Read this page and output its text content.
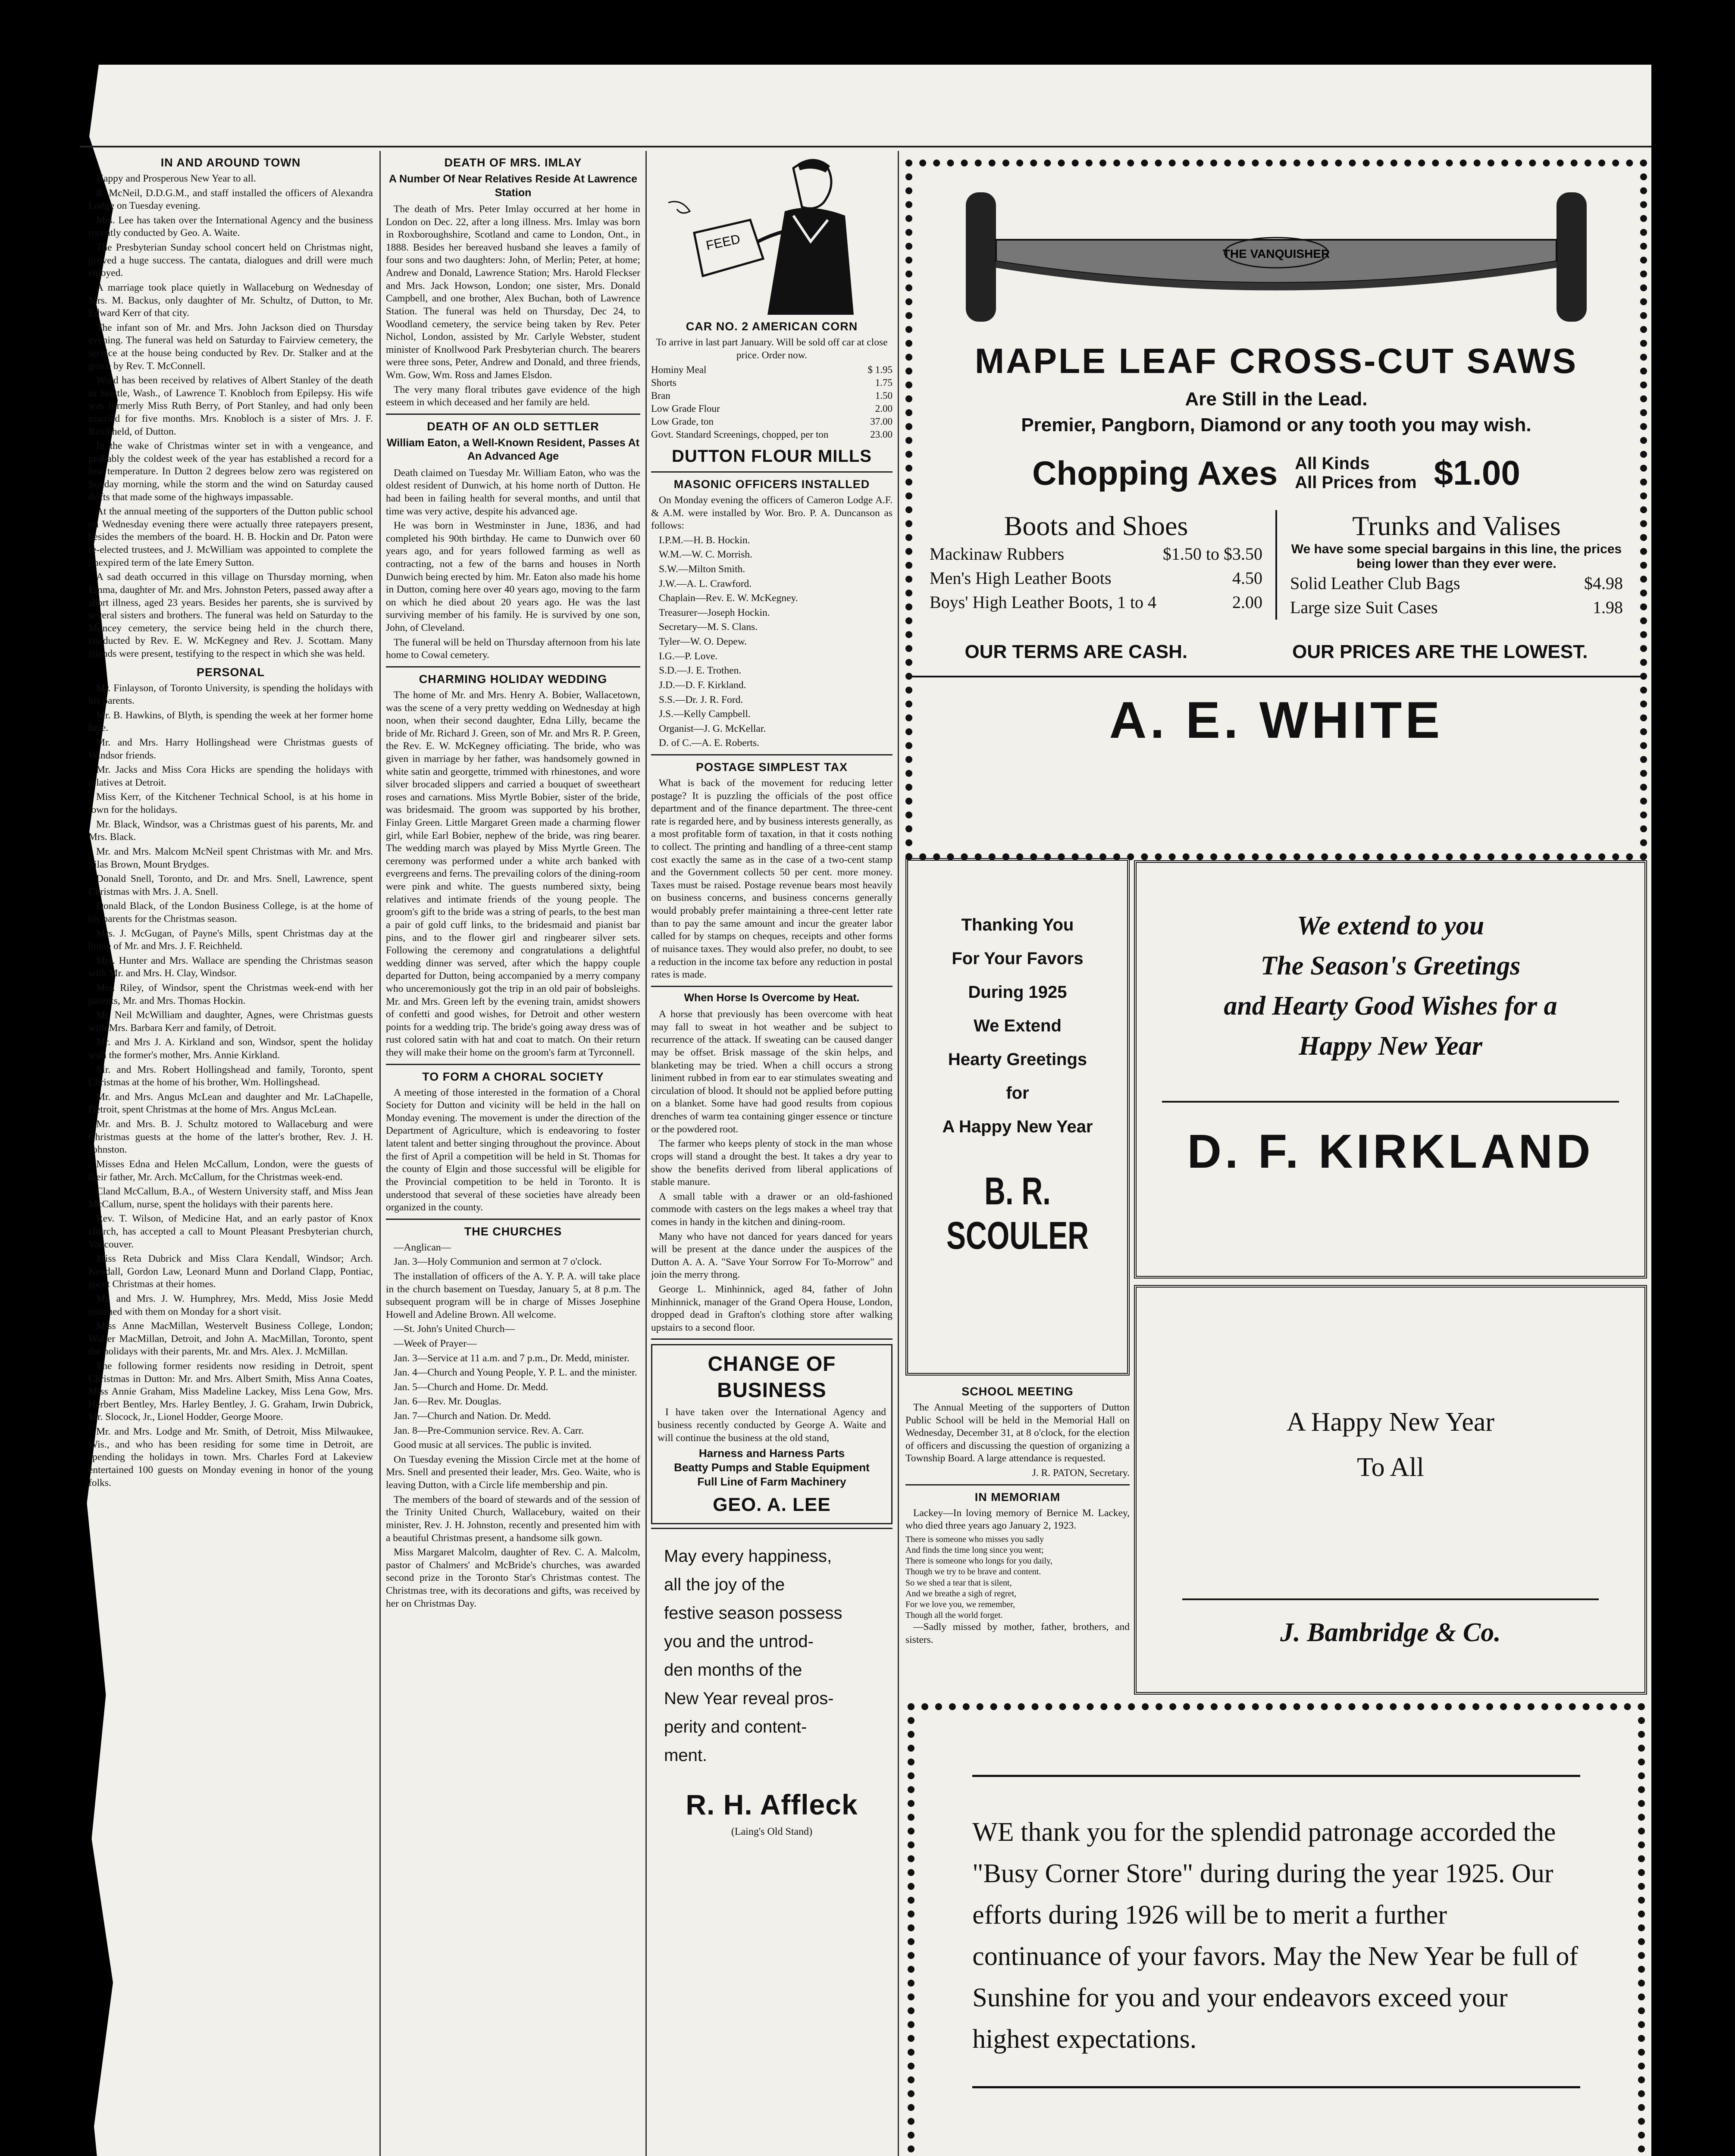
IN AND AROUND TOWN

Happy and Prosperous New Year to all.

R. McNeil, D.D.G.M., and staff installed the officers of Alexandra Lodge on Tuesday evening.

Mrs. Lee has taken over the International Agency and the business recently conducted by Geo. A. Waite.

The Presbyterian Sunday school concert held on Christmas night, proved a huge success. The cantata, dialogues and drill were much enjoyed.

A marriage took place quietly in Wallaceburg on Wednesday of Mrs. M. Backus, only daughter of Mr. Schultz, of Dutton, to Mr. Edward Kerr of that city.

The infant son of Mr. and Mrs. John Jackson died on Thursday evening. The funeral was held on Saturday to Fairview cemetery, the service at the house being conducted by Rev. Dr. Stalker and at the grave by Rev. T. McConnell.

Word has been received by relatives of Albert Stanley of the death in Seattle, Wash., of Lawrence T. Knobloch from Epilepsy. His wife was formerly Miss Ruth Berry, of Port Stanley, and had only been married for five months. Mrs. Knobloch is a sister of Mrs. J. F. Reichheld, of Dutton.

In the wake of Christmas winter set in with a vengeance, and probably the coldest week of the year has established a record for a low temperature. In Dutton 2 degrees below zero was registered on Sunday morning, while the storm and the wind on Saturday caused drifts that made some of the highways impassable.

At the annual meeting of the supporters of the Dutton public school on Wednesday evening there were actually three ratepayers present, besides the members of the board. H. B. Hockin and Dr. Paton were re-elected trustees, and J. McWilliam was appointed to complete the unexpired term of the late Emery Sutton.

A sad death occurred in this village on Thursday morning, when Emma, daughter of Mr. and Mrs. Johnston Peters, passed away after a short illness, aged 23 years. Besides her parents, she is survived by several sisters and brothers. The funeral was held on Saturday to the Muncey cemetery, the service being held in the church there, conducted by Rev. E. W. McKegney and Rev. J. Scottam. Many friends were present, testifying to the respect in which she was held.

PERSONAL

Mr. Finlayson, of Toronto University, is spending the holidays with his parents.

Mr. B. Hawkins, of Blyth, is spending the week at her former home here.

Mr. and Mrs. Harry Hollingshead were Christmas guests of Windsor friends.

Mr. Jacks and Miss Cora Hicks are spending the holidays with relatives at Detroit.

Miss Kerr, of the Kitchener Technical School, is at his home in town for the holidays.

Mr. Black, Windsor, was a Christmas guest of his parents, Mr. and Mrs. Black.

Mr. and Mrs. Malcom McNeil spent Christmas with Mr. and Mrs. Silas Brown, Mount Brydges.

Donald Snell, Toronto, and Dr. and Mrs. Snell, Lawrence, spent Christmas with Mrs. J. A. Snell.

Donald Black, of the London Business College, is at the home of his parents for the Christmas season.

Mrs. J. McGugan, of Payne's Mills, spent Christmas day at the home of Mr. and Mrs. J. F. Reichheld.

Mrs. Hunter and Mrs. Wallace are spending the Christmas season with Mr. and Mrs. H. Clay, Windsor.

Mrs. Riley, of Windsor, spent the Christmas week-end with her parents, Mr. and Mrs. Thomas Hockin.

Mr. Neil McWilliam and daughter, Agnes, were Christmas guests with Mrs. Barbara Kerr and family, of Detroit.

Mr. and Mrs J. A. Kirkland and son, Windsor, spent the holiday with the former's mother, Mrs. Annie Kirkland.

Mr. and Mrs. Robert Hollingshead and family, Toronto, spent Christmas at the home of his brother, Wm. Hollingshead.

Mr. and Mrs. Angus McLean and daughter and Mr. LaChapelle, Detroit, spent Christmas at the home of Mrs. Angus McLean.

Mr. and Mrs. B. J. Schultz motored to Wallaceburg and were Christmas guests at the home of the latter's brother, Rev. J. H. Johnston.

Misses Edna and Helen McCallum, London, were the guests of their father, Mr. Arch. McCallum, for the Christmas week-end.

Cland McCallum, B.A., of Western University staff, and Miss Jean McCallum, nurse, spent the holidays with their parents here.

Rev. T. Wilson, of Medicine Hat, and an early pastor of Knox church, has accepted a call to Mount Pleasant Presbyterian church, Vancouver.

Miss Reta Dubrick and Miss Clara Kendall, Windsor; Arch. Kendall, Gordon Law, Leonard Munn and Dorland Clapp, Pontiac, spent Christmas at their homes.

Mr. and Mrs. J. W. Humphrey, Mrs. Medd, Miss Josie Medd returned with them on Monday for a short visit.

Miss Anne MacMillan, Westervelt Business College, London; Walter MacMillan, Detroit, and John A. MacMillan, Toronto, spent the holidays with their parents, Mr. and Mrs. Alex. J. McMillan.

The following former residents now residing in Detroit, spent Christmas in Dutton: Mr. and Mrs. Albert Smith, Miss Anna Coates, Miss Annie Graham, Miss Madeline Lackey, Miss Lena Gow, Mrs. Herbert Bentley, Mrs. Harley Bentley, J. G. Graham, Irwin Dubrick, Mr. Slocock, Jr., Lionel Hodder, George Moore.

Mr. and Mrs. Lodge and Mr. Smith, of Detroit, Miss Milwaukee, Wis., and who has been residing for some time in Detroit, are spending the holidays in town. Mrs. Charles Ford at Lakeview entertained 100 guests on Monday evening in honor of the young folks.

DEATH OF MRS. IMLAY
A Number Of Near Relatives Reside At Lawrence Station

The death of Mrs. Peter Imlay occurred at her home in London on Dec. 22, after a long illness. Mrs. Imlay was born in Roxboroughshire, Scotland and came to London, Ont., in 1888. Besides her bereaved husband she leaves a family of four sons and two daughters: John, of Merlin; Peter, at home; Andrew and Donald, Lawrence Station; Mrs. Harold Fleckser and Mrs. Jack Howson, London; one sister, Mrs. Donald Campbell, and one brother, Alex Buchan, both of Lawrence Station. The funeral was held on Thursday, Dec 24, to Woodland cemetery, the service being taken by Rev. Peter Nichol, London, assisted by Mr. Carlyle Webster, student minister of Knollwood Park Presbyterian church. The bearers were three sons, Peter, Andrew and Donald, and three friends, Wm. Gow, Wm. Ross and James Elsdon.

The very many floral tributes gave evidence of the high esteem in which deceased and her family are held.

DEATH OF AN OLD SETTLER
William Eaton, a Well-Known Resident, Passes At An Advanced Age

Death claimed on Tuesday Mr. William Eaton, who was the oldest resident of Dunwich, at his home north of Dutton. He had been in failing health for several months, and until that time was very active, despite his advanced age.

He was born in Westminster in June, 1836, and had completed his 90th birthday. He came to Dunwich over 60 years ago, and for years followed farming as well as contracting, not a few of the barns and houses in North Dunwich being erected by him. Mr. Eaton also made his home in Dutton, coming here over 40 years ago, moving to the farm on which he died about 20 years ago. He was the last surviving member of his family. He is survived by one son, John, of Cleveland.

The funeral will be held on Thursday afternoon from his late home to Cowal cemetery.

CHARMING HOLIDAY WEDDING

The home of Mr. and Mrs. Henry A. Bobier, Wallacetown, was the scene of a very pretty wedding on Wednesday at high noon, when their second daughter, Edna Lilly, became the bride of Mr. Richard J. Green, son of Mr. and Mrs R. P. Green, the Rev. E. W. McKegney officiating. The bride, who was given in marriage by her father, was handsomely gowned in white satin and georgette, trimmed with rhinestones, and wore silver brocaded slippers and carried a bouquet of sweetheart roses and carnations. Miss Myrtle Bobier, sister of the bride, was bridesmaid. The groom was supported by his brother, Finlay Green. Little Margaret Green made a charming flower girl, while Earl Bobier, nephew of the bride, was ring bearer. The wedding march was played by Miss Myrtle Green. The ceremony was performed under a white arch banked with evergreens and ferns. The prevailing colors of the dining-room were pink and white. The guests numbered sixty, being relatives and intimate friends of the young people. The groom's gift to the bride was a string of pearls, to the best man a pair of gold cuff links, to the bridesmaid and pianist bar pins, and to the flower girl and ringbearer silver sets. Following the ceremony and congratulations a delightful wedding dinner was served, after which the happy couple departed for Dutton, being accompanied by a merry company who unceremoniously got the trip in an old pair of bobsleighs. Mr. and Mrs. Green left by the evening train, amidst showers of confetti and good wishes, for Detroit and other western points for a wedding trip. The bride's going away dress was of rust colored satin with hat and coat to match. On their return they will make their home on the groom's farm at Tyrconnell.

TO FORM A CHORAL SOCIETY

A meeting of those interested in the formation of a Choral Society for Dutton and vicinity will be held in the hall on Monday evening. The movement is under the direction of the Department of Agriculture, which is endeavoring to foster latent talent and better singing throughout the province. About the first of April a competition will be held in St. Thomas for the county of Elgin and those successful will be eligible for the Provincial competition to be held in Toronto. It is understood that several of these societies have already been organized in the county.

THE CHURCHES

—Anglican—

Jan. 3—Holy Communion and sermon at 7 o'clock.

The installation of officers of the A. Y. P. A. will take place in the church basement on Tuesday, January 5, at 8 p.m. The subsequent program will be in charge of Misses Josephine Howell and Adeline Brown. All welcome.

—St. John's United Church—

—Week of Prayer—

Jan. 3—Service at 11 a.m. and 7 p.m., Dr. Medd, minister.

Jan. 4—Church and Young People, Y. P. L. and the minister.

Jan. 5—Church and Home. Dr. Medd.

Jan. 6—Rev. Mr. Douglas.

Jan. 7—Church and Nation. Dr. Medd.

Jan. 8—Pre-Communion service. Rev. A. Carr.

Good music at all services. The public is invited.

On Tuesday evening the Mission Circle met at the home of Mrs. Snell and presented their leader, Mrs. Geo. Waite, who is leaving Dutton, with a Circle life membership and pin.

The members of the board of stewards and of the session of the Trinity United Church, Wallacebury, waited on their minister, Rev. J. H. Johnston, recently and presented him with a beautiful Christmas present, a handsome silk gown.

Miss Margaret Malcolm, daughter of Rev. C. A. Malcolm, pastor of Chalmers' and McBride's churches, was awarded second prize in the Toronto Star's Christmas contest. The Christmas tree, with its decorations and gifts, was received by her on Christmas Day.

FEED
CAR NO. 2 AMERICAN CORN

To arrive in last part January. Will be sold off car at close price. Order now.

Hominy Meal	$ 1.95
Shorts	1.75
Bran	1.50
Low Grade Flour	2.00
Low Grade, ton	37.00
Govt. Standard Screenings, chopped, per ton	23.00
DUTTON FLOUR MILLS
MASONIC OFFICERS INSTALLED

On Monday evening the officers of Cameron Lodge A.F. & A.M. were installed by Wor. Bro. P. A. Duncanson as follows:

I.P.M.—H. B. Hockin.

W.M.—W. C. Morrish.

S.W.—Milton Smith.

J.W.—A. L. Crawford.

Chaplain—Rev. E. W. McKegney.

Treasurer—Joseph Hockin.

Secretary—M. S. Clans.

Tyler—W. O. Depew.

I.G.—P. Love.

S.D.—J. E. Trothen.

J.D.—D. F. Kirkland.

S.S.—Dr. J. R. Ford.

J.S.—Kelly Campbell.

Organist—J. G. McKellar.

D. of C.—A. E. Roberts.

POSTAGE SIMPLEST TAX

What is back of the movement for reducing letter postage? It is puzzling the officials of the post office department and of the finance department. The three-cent rate is regarded here, and by business interests generally, as a most profitable form of taxation, in that it costs nothing to collect. The printing and handling of a three-cent stamp cost exactly the same as in the case of a two-cent stamp and the Government collects 50 per cent. more money. Taxes must be raised. Postage revenue bears most heavily on business concerns, and business concerns generally would probably prefer maintaining a three-cent letter rate than to pay the same amount and incur the greater labor called for by stamps on cheques, receipts and other forms of nuisance taxes. They would also prefer, no doubt, to see a reduction in the income tax before any reduction in postal rates is made.

When Horse Is Overcome by Heat.

A horse that previously has been overcome with heat may fall to sweat in hot weather and be subject to recurrence of the attack. If sweating can be caused danger may be offset. Brisk massage of the skin helps, and blanketing may be tried. When a chill occurs a strong liniment rubbed in from ear to ear stimulates sweating and circulation of blood. It should not be applied before putting on a blanket. Some have had good results from copious drenches of warm tea containing ginger essence or tincture or the powdered root.

The farmer who keeps plenty of stock in the man whose crops will stand a drought the best. It takes a dry year to show the benefits derived from liberal applications of stable manure.

A small table with a drawer or an old-fashioned commode with casters on the legs makes a wheel tray that comes in handy in the kitchen and dining-room.

Many who have not danced for years danced for years will be present at the dance under the auspices of the Dutton A. A. A. "Save Your Sorrow For To-Morrow" and join the merry throng.

George L. Minhinnick, aged 84, father of John Minhinnick, manager of the Grand Opera House, London, dropped dead in Grafton's clothing store after walking upstairs to a second floor.

CHANGE OF BUSINESS

I have taken over the International Agency and business recently conducted by George A. Waite and will continue the business at the old stand,

Harness and Harness Parts
Beatty Pumps and Stable Equipment
Full Line of Farm Machinery
GEO. A. LEE
May every happiness,
all the joy of the
festive season possess
you and the untrod-
den months of the
New Year reveal pros-
perity and content-
ment.
R. H. Affleck
(Laing's Old Stand)
THE VANQUISHER
MAPLE LEAF CROSS-CUT SAWS
Are Still in the Lead.
Premier, Pangborn, Diamond or any tooth you may wish.
Chopping Axes All Kinds
All Prices from $1.00
Boots and Shoes
Mackinaw Rubbers	$1.50 to $3.50
Men's High Leather Boots	4.50
Boys' High Leather Boots, 1 to 4	2.00
Trunks and Valises
We have some special bargains in this line, the prices being lower than they ever were.
Solid Leather Club Bags	$4.98
Large size Suit Cases	1.98
OUR TERMS ARE CASH.	OUR PRICES ARE THE LOWEST.
A. E. WHITE
Thanking You
For Your Favors
During 1925
We Extend
Hearty Greetings
for
A Happy New Year
B. R. SCOULER
We extend to you
The Season's Greetings
and Hearty Good Wishes for a
Happy New Year
D. F. KIRKLAND
A Happy New Year
To All
J. Bambridge & Co.
SCHOOL MEETING

The Annual Meeting of the supporters of Dutton Public School will be held in the Memorial Hall on Wednesday, December 31, at 8 o'clock, for the election of officers and discussing the question of organizing a Township Board. A large attendance is requested.

J. R. PATON, Secretary.

IN MEMORIAM

Lackey—In loving memory of Bernice M. Lackey, who died three years ago January 2, 1923.

There is someone who misses you sadly
And finds the time long since you went;
There is someone who longs for you daily,
Though we try to be brave and content.
So we shed a tear that is silent,
And we breathe a sigh of regret,
For we love you, we remember,
Though all the world forget.

—Sadly missed by mother, father, brothers, and sisters.

WE thank you for the splendid patronage accorded the "Busy Corner Store" during during the year 1925. Our efforts during 1926 will be to merit a further continuance of your favors. May the New Year be full of Sunshine for you and your endeavors exceed your highest expectations.
